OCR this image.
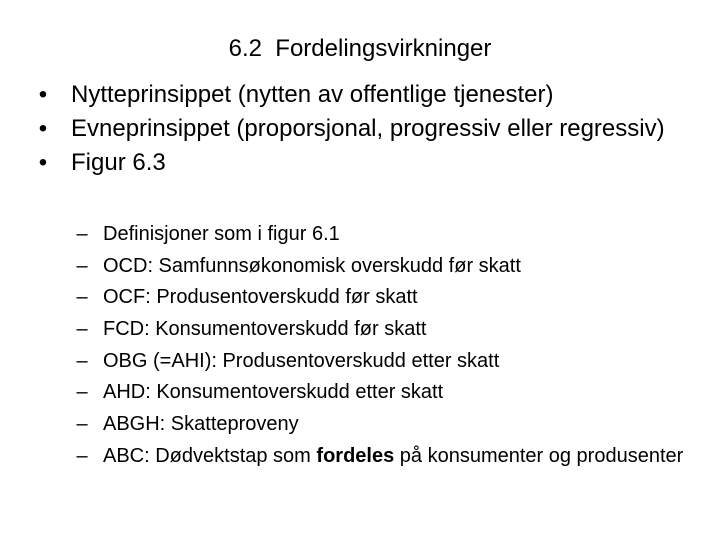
6.2  Fordelingsvirkninger
• Nytteprinsippet (nytten av offentlige tjenester)
• Evneprinsippet (proporsjonal, progressiv eller regressiv)
• Figur 6.3
– Definisjoner som i figur 6.1
– OCD: Samfunnsøkonomisk overskudd før skatt
– OCF: Produsentoverskudd før skatt
– FCD: Konsumentoverskudd før skatt
– OBG (=AHI): Produsentoverskudd etter skatt
– AHD: Konsumentoverskudd etter skatt
– ABGH: Skatteproveny
– ABC: Dødvektstap som fordeles på konsumenter og produsenter
